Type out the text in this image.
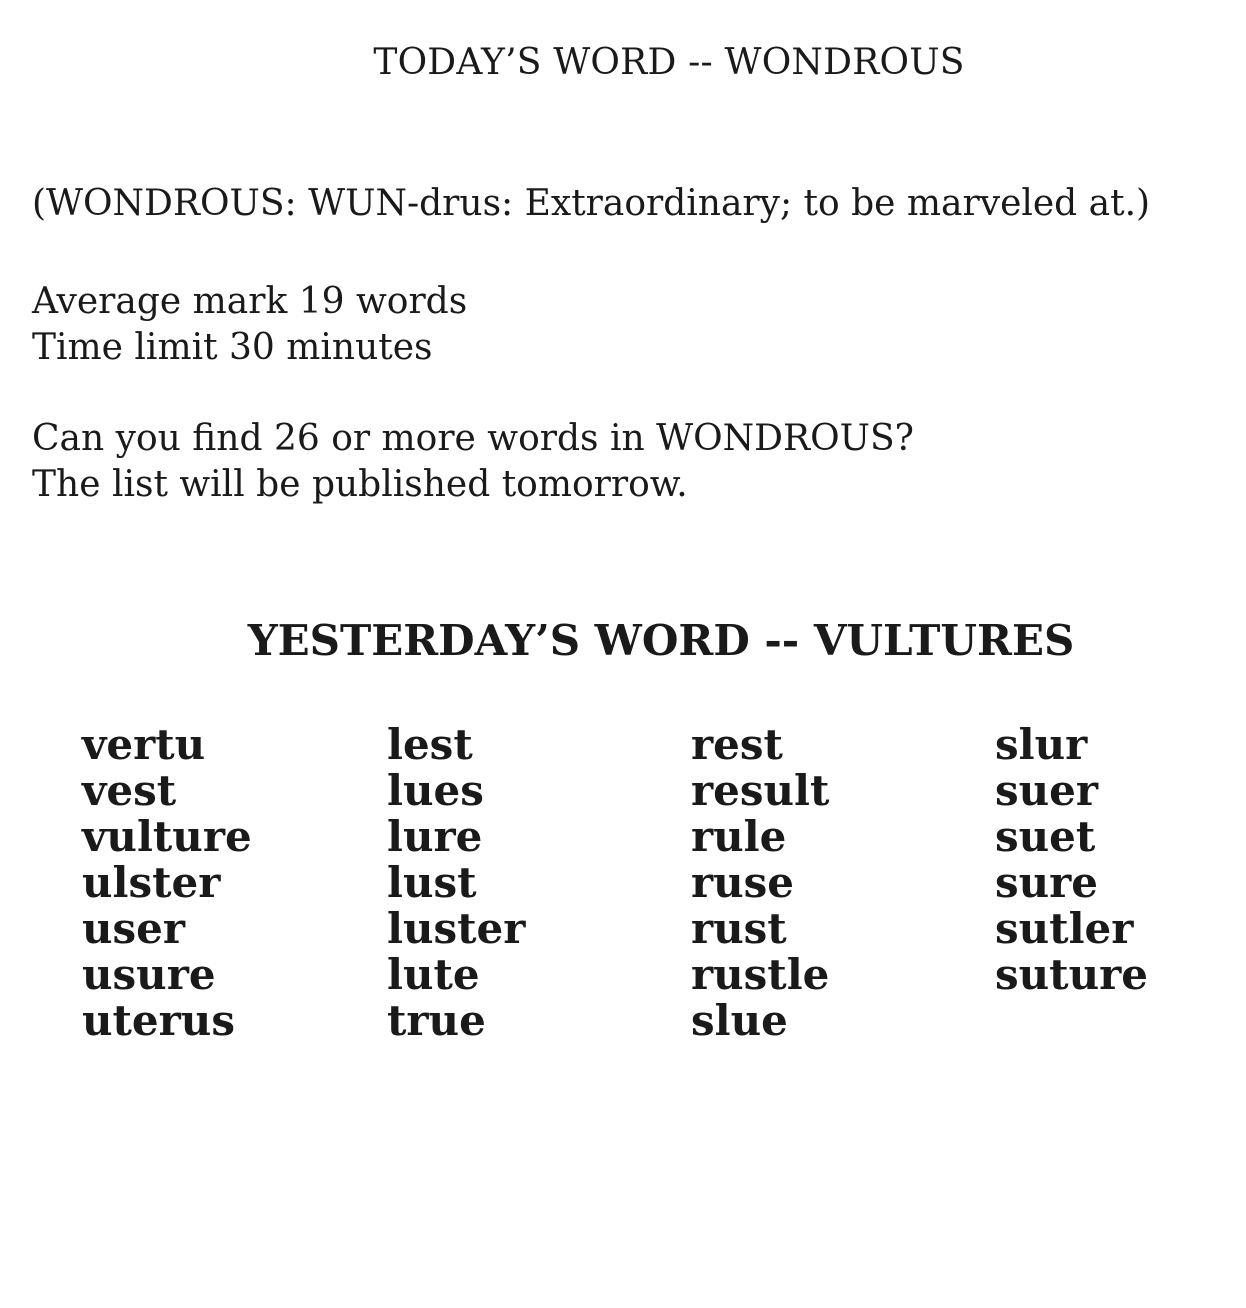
TODAY’S WORD -- WONDROUS
(WONDROUS: WUN-drus: Extraordinary; to be marveled at.)
Average mark 19 words
Time limit 30 minutes
Can you find 26 or more words in WONDROUS?
The list will be published tomorrow.
YESTERDAY’S WORD -- VULTURES
vertu
vest
vulture
ulster
user
usure
uterus
lest
lues
lure
lust
luster
lute
true
rest
result
rule
ruse
rust
rustle
slue
slur
suer
suet
sure
sutler
suture
